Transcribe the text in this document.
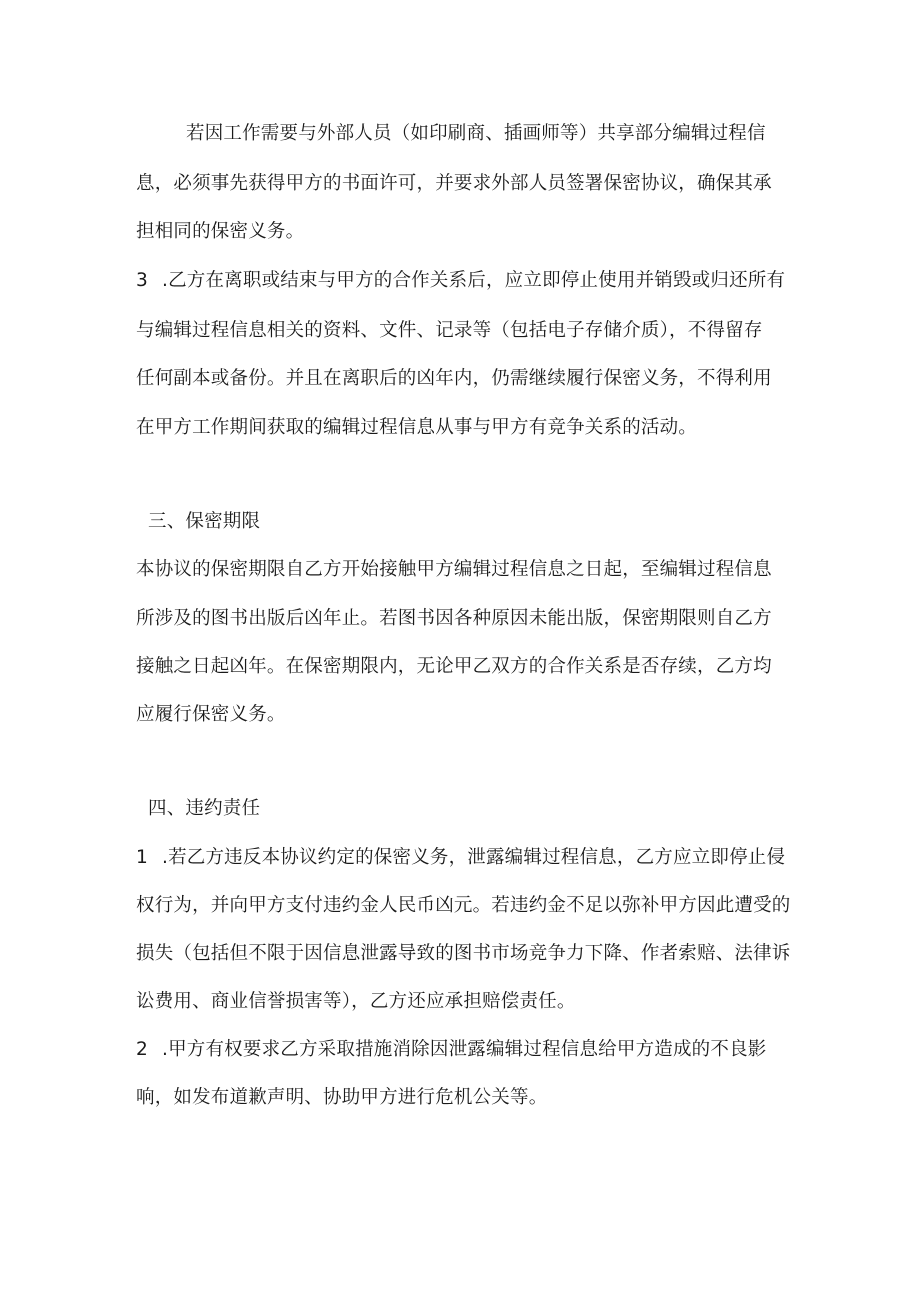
若因工作需要与外部人员（如印刷商、插画师等）共享部分编辑过程信
息，必须事先获得甲方的书面许可，并要求外部人员签署保密协议，确保其承
担相同的保密义务。
3 .乙方在离职或结束与甲方的合作关系后，应立即停止使用并销毁或归还所有
与编辑过程信息相关的资料、文件、记录等（包括电子存储介质），不得留存
任何副本或备份。并且在离职后的凶年内，仍需继续履行保密义务，不得利用
在甲方工作期间获取的编辑过程信息从事与甲方有竞争关系的活动。
三、保密期限
本协议的保密期限自乙方开始接触甲方编辑过程信息之日起，至编辑过程信息
所涉及的图书出版后凶年止。若图书因各种原因未能出版，保密期限则自乙方
接触之日起凶年。在保密期限内，无论甲乙双方的合作关系是否存续，乙方均
应履行保密义务。
四、违约责任
1 .若乙方违反本协议约定的保密义务，泄露编辑过程信息，乙方应立即停止侵
权行为，并向甲方支付违约金人民币凶元。若违约金不足以弥补甲方因此遭受的
损失（包括但不限于因信息泄露导致的图书市场竞争力下降、作者索赔、法律诉
讼费用、商业信誉损害等），乙方还应承担赔偿责任。
2 .甲方有权要求乙方采取措施消除因泄露编辑过程信息给甲方造成的不良影
响，如发布道歉声明、协助甲方进行危机公关等。
